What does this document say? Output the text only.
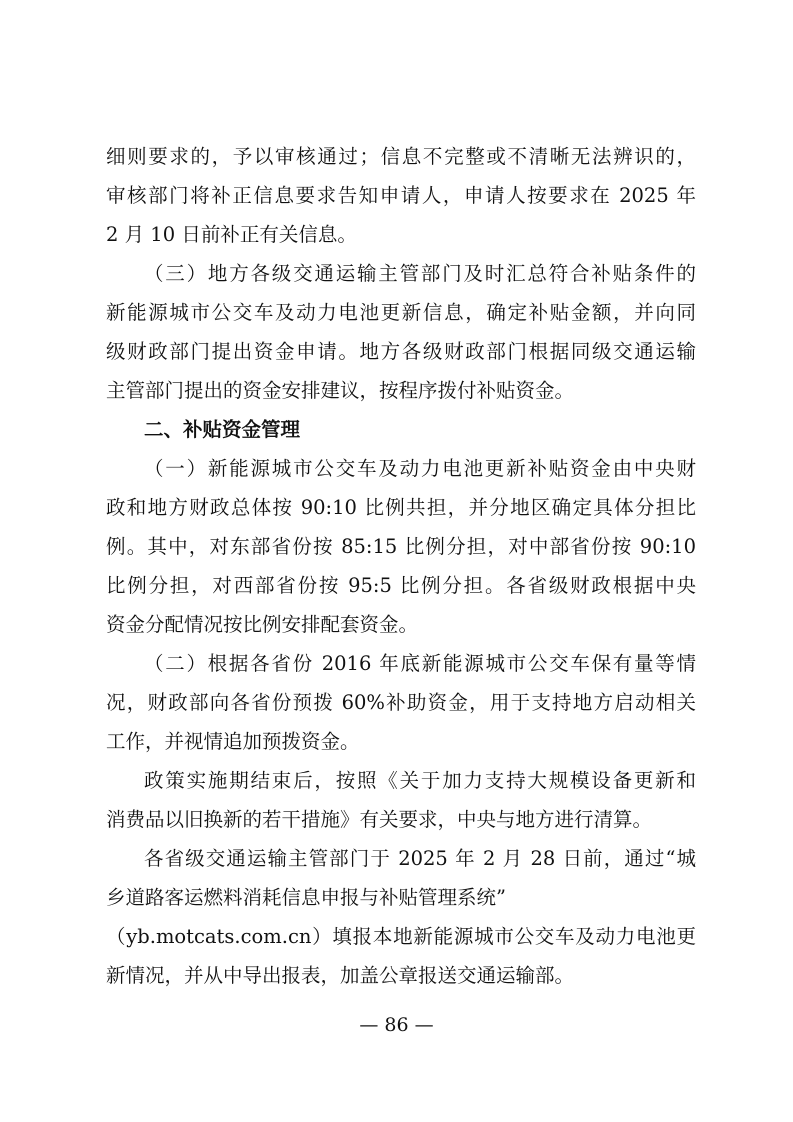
细则要求的，予以审核通过；信息不完整或不清晰无法辨识的，
审核部门将补正信息要求告知申请人，申请人按要求在 2025 年
2 月 10 日前补正有关信息。
（三）地方各级交通运输主管部门及时汇总符合补贴条件的
新能源城市公交车及动力电池更新信息，确定补贴金额，并向同
级财政部门提出资金申请。地方各级财政部门根据同级交通运输
主管部门提出的资金安排建议，按程序拨付补贴资金。
二、补贴资金管理
（一）新能源城市公交车及动力电池更新补贴资金由中央财
政和地方财政总体按 90:10 比例共担，并分地区确定具体分担比
例。其中，对东部省份按 85:15 比例分担，对中部省份按 90:10
比例分担，对西部省份按 95:5 比例分担。各省级财政根据中央
资金分配情况按比例安排配套资金。
（二）根据各省份 2016 年底新能源城市公交车保有量等情
况，财政部向各省份预拨 60%补助资金，用于支持地方启动相关
工作，并视情追加预拨资金。
政策实施期结束后，按照《关于加力支持大规模设备更新和
消费品以旧换新的若干措施》有关要求，中央与地方进行清算。
各省级交通运输主管部门于 2025 年 2 月 28 日前，通过“城
乡道路客运燃料消耗信息申报与补贴管理系统”
（yb.motcats.com.cn）填报本地新能源城市公交车及动力电池更
新情况，并从中导出报表，加盖公章报送交通运输部。
— 86 —
